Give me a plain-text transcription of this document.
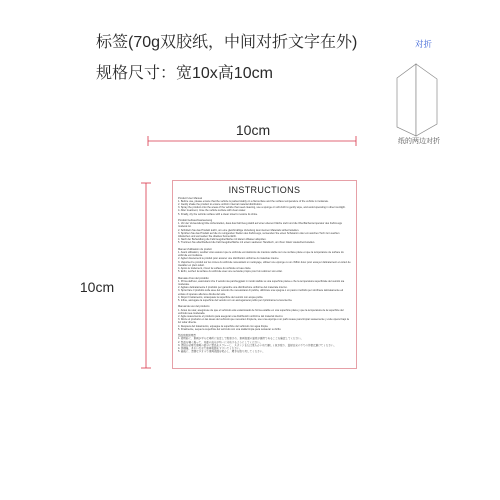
标签(70g双胶纸，中间对折文字在外)
规格尺寸：宽10x高10cm
对折
纸的两边对折
10cm
10cm
INSTRUCTIONS
Product User Manual
1. Before use, please ensure that the vehicle is parked stably on a flat surface and the surface temperature of the vehicle is moderate.
2. Gently shake the product to ensure uniform internal material distribution.
3. Spray the product onto the areas of the vehicle that need cleaning, use a sponge or soft cloth to gently wipe, and avoid operating in direct sunlight.
4. After treatment, rinse the vehicle surface with clean water.
5. Finally, dry the vehicle surface with a clean towel to restore its shine.
Produkt Gebrauchsanweisung
1. Vor der Verwendung bitte sicherstellen, dass das Fahrzeug stabil auf einer ebenen Fläche steht und die Oberflächentemperatur des Fahrzeugs moderat ist.
2. Schütteln Sie das Produkt leicht, um eine gleichmäßige Verteilung des internen Materials sicherzustellen.
3. Sprühen Sie das Produkt auf die zu reinigenden Stellen des Fahrzeugs, verwenden Sie einen Schwamm oder ein weiches Tuch zum sanften Abwischen und vermeiden Sie direktes Sonnenlicht.
4. Nach der Behandlung die Fahrzeugoberfläche mit klarem Wasser abspülen.
5. Trocknen Sie abschließend die Fahrzeugoberfläche mit einem sauberen Handtuch, um ihren Glanz wiederherzustellen.
Manuel d'utilisation du produit
1. Avant utilisation, veuillez vous assurer que le véhicule est stationné de manière stable sur une surface plane et que la température de surface du véhicule est modérée.
2. Agitez doucement le produit pour assurer une distribution uniforme du matériau interne.
3. Vaporisez le produit sur les zones du véhicule nécessitant un nettoyage, utilisez une éponge ou un chiffon doux pour essuyer délicatement et évitez de travailler en plein soleil.
4. Après le traitement, rincez la surface du véhicule à l'eau claire.
5. Enfin, séchez la surface du véhicule avec une serviette propre pour lui redonner son éclat.
Manuale d'uso del prodotto
1. Prima dell'uso, assicurarsi che il veicolo sia parcheggiato in modo stabile su una superficie piana e che la temperatura superficiale del veicolo sia moderata.
2. Agitare delicatamente il prodotto per garantire una distribuzione uniforme del materiale interno.
3. Spruzzare il prodotto sulle aree del veicolo che necessitano di pulizia, utilizzare una spugna o un panno morbido per strofinare delicatamente ed evitare di operare alla luce diretta del sole.
4. Dopo il trattamento, sciacquare la superficie del veicolo con acqua pulita.
5. Infine, asciugare la superficie del veicolo con un asciugamano pulito per ripristinarne la lucentezza.
Manual de uso del producto
1. Antes de usar, asegúrese de que el vehículo esté estacionado de forma estable en una superficie plana y que la temperatura de la superficie del vehículo sea moderada.
2. Agite suavemente el producto para asegurar una distribución uniforme del material interno.
3. Rocíe el producto en las áreas del vehículo que necesiten limpieza, use una esponja o un paño suave para limpiar suavemente y evite operar bajo la luz solar directa.
4. Después del tratamiento, enjuague la superficie del vehículo con agua limpia.
5. Finalmente, seque la superficie del vehículo con una toalla limpia para restaurar su brillo.
製品取扱説明書
1. 使用前に、車両が平らな場所に安定して駐車され、車両表面の温度が適度であることを確認してください。
2. 製品を軽く振って、内部の成分が均一に分布するようにしてください。
3. 清掃が必要な車両の部分に製品をスプレーし、スポンジまたは柔らかい布で優しく拭き取り、直射日光の下での作業は避けてください。
4. 処理後、きれいな水で車両表面をすすいでください。
5. 最後に、清潔なタオルで車両表面を乾かし、輝きを取り戻してください。
